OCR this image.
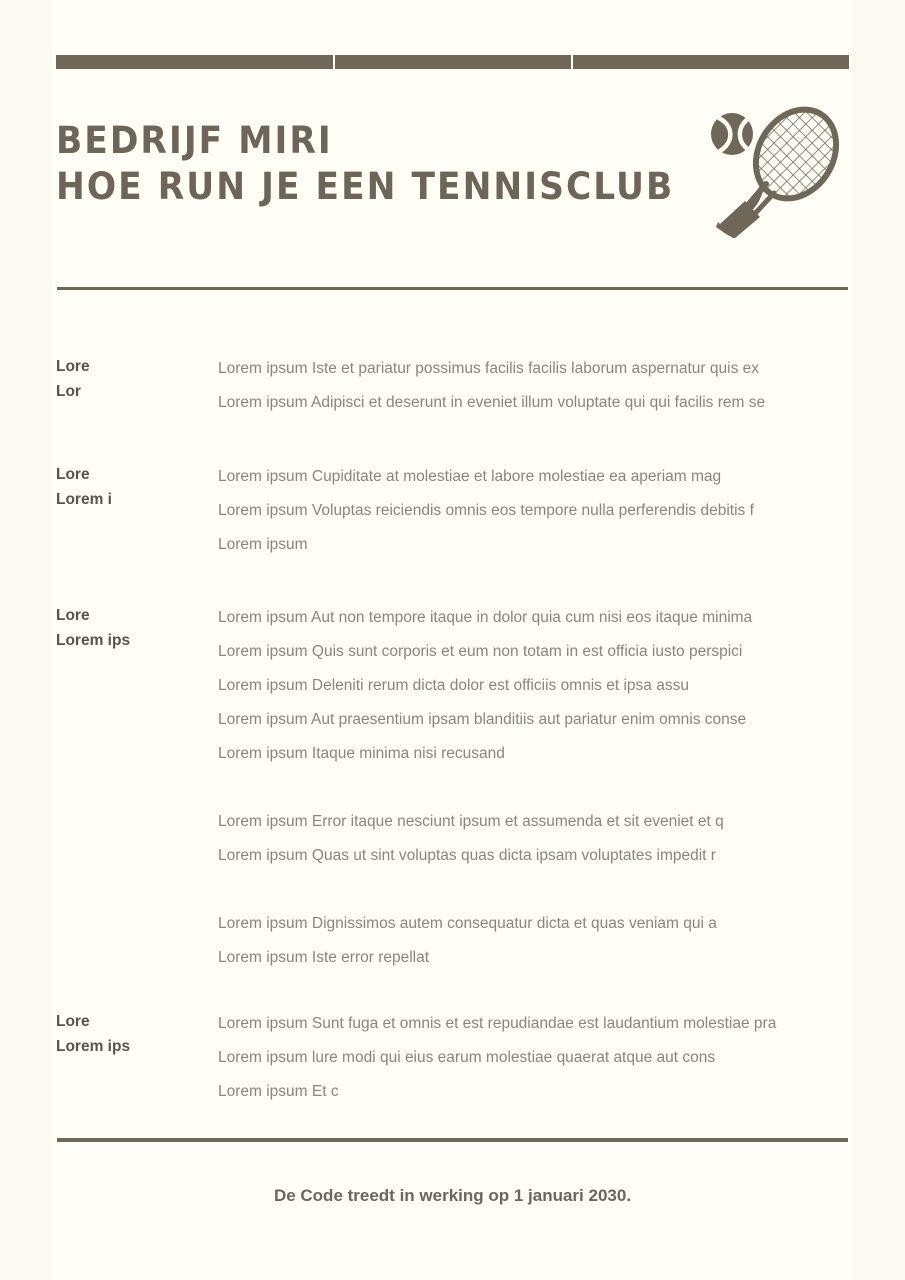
BEDRIJF MIRI
HOE RUN JE EEN TENNISCLUB
Lore
Lor
Lorem ipsum Iste et pariatur possimus facilis facilis laborum aspernatur quis ex
Lorem ipsum Adipisci et deserunt in eveniet illum voluptate qui qui facilis rem se
Lore
Lorem i
Lorem ipsum Cupiditate at molestiae et labore molestiae ea aperiam mag
Lorem ipsum Voluptas reiciendis omnis eos tempore nulla perferendis debitis f
Lorem ipsum
Lore
Lorem ips
Lorem ipsum Aut non tempore itaque in dolor quia cum nisi eos itaque minima
Lorem ipsum Quis sunt corporis et eum non totam in est officia iusto perspici
Lorem ipsum Deleniti rerum dicta dolor est officiis omnis et ipsa assu
Lorem ipsum Aut praesentium ipsam blanditiis aut pariatur enim omnis conse
Lorem ipsum Itaque minima nisi recusand
Lorem ipsum Error itaque nesciunt ipsum et assumenda et sit eveniet et q
Lorem ipsum Quas ut sint voluptas quas dicta ipsam voluptates impedit r
Lorem ipsum Dignissimos autem consequatur dicta et quas veniam qui a
Lorem ipsum Iste error repellat
Lore
Lorem ips
Lorem ipsum Sunt fuga et omnis et est repudiandae est laudantium molestiae pra
Lorem ipsum lure modi qui eius earum molestiae quaerat atque aut cons
Lorem ipsum Et c
De Code treedt in werking op 1 januari 2030.
